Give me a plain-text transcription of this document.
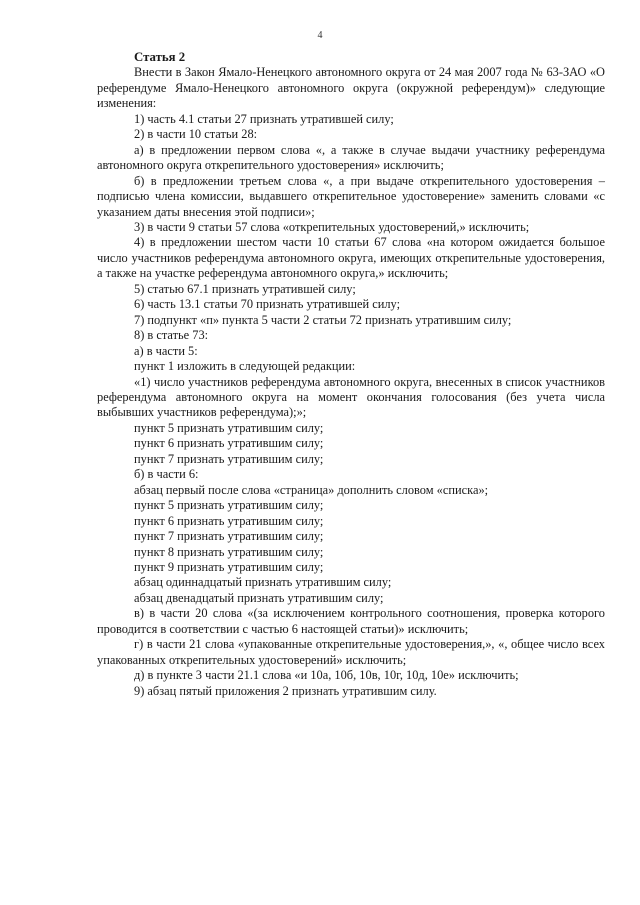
4

Статья 2

Внести в Закон Ямало-Ненецкого автономного округа от 24 мая 2007 года № 63-ЗАО «О референдуме Ямало-Ненецкого автономного округа (окружной референдум)» следующие изменения:

1) часть 4.1 статьи 27 признать утратившей силу;

2) в части 10 статьи 28:

а) в предложении первом слова «, а также в случае выдачи участнику референдума автономного округа открепительного удостоверения» исключить;

б) в предложении третьем слова «, а при выдаче открепительного удостоверения – подписью члена комиссии, выдавшего открепительное удостоверение» заменить словами «с указанием даты внесения этой подписи»;

3) в части 9 статьи 57 слова «открепительных удостоверений,» исключить;

4) в предложении шестом части 10 статьи 67 слова «на котором ожидается большое число участников референдума автономного округа, имеющих открепительные удостоверения, а также на участке референдума автономного округа,» исключить;

5) статью 67.1 признать утратившей силу;

6) часть 13.1 статьи 70 признать утратившей силу;

7) подпункт «п» пункта 5 части 2 статьи 72 признать утратившим силу;

8) в статье 73:

а) в части 5:

пункт 1 изложить в следующей редакции:

«1) число участников референдума автономного округа, внесенных в список участников референдума автономного округа на момент окончания голосования (без учета числа выбывших участников референдума);»;

пункт 5 признать утратившим силу;

пункт 6 признать утратившим силу;

пункт 7 признать утратившим силу;

б) в части 6:

абзац первый после слова «страница» дополнить словом «списка»;

пункт 5 признать утратившим силу;

пункт 6 признать утратившим силу;

пункт 7 признать утратившим силу;

пункт 8 признать утратившим силу;

пункт 9 признать утратившим силу;

абзац одиннадцатый признать утратившим силу;

абзац двенадцатый признать утратившим силу;

в) в части 20 слова «(за исключением контрольного соотношения, проверка которого проводится в соответствии с частью 6 настоящей статьи)» исключить;

г) в части 21 слова «упакованные открепительные удостоверения,», «, общее число всех упакованных открепительных удостоверений» исключить;

д) в пункте 3 части 21.1 слова «и 10а, 10б, 10в, 10г, 10д, 10е» исключить;

9) абзац пятый приложения 2 признать утратившим силу.
